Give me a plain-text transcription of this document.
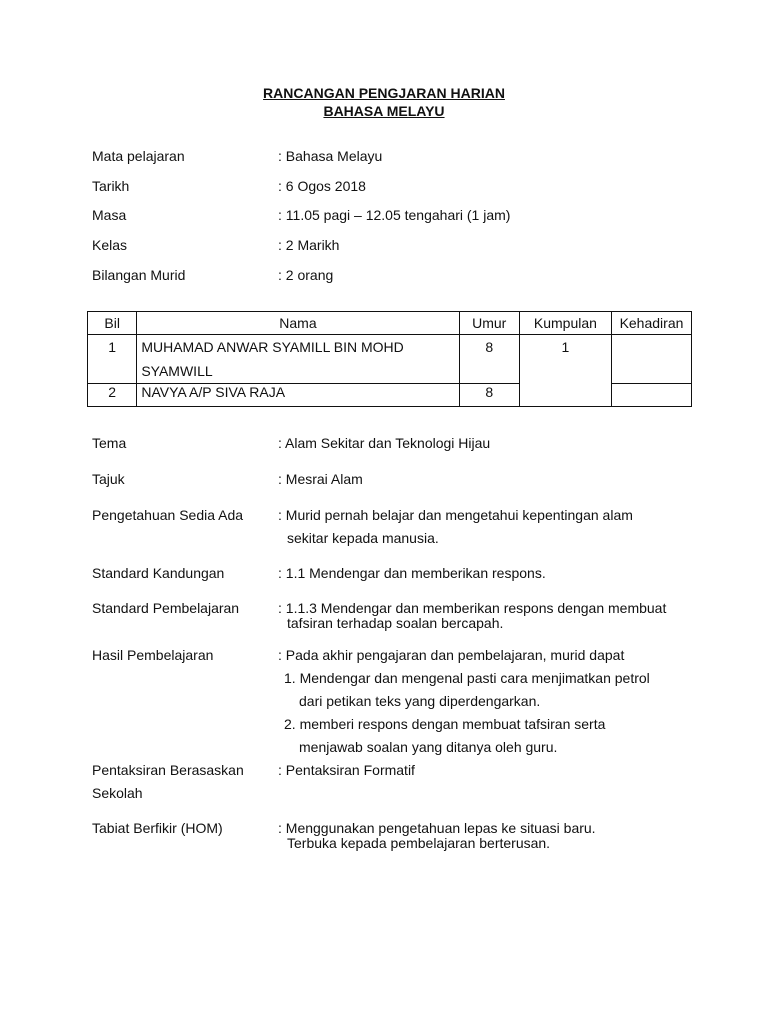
RANCANGAN PENGJARAN HARIAN
BAHASA MELAYU
Mata pelajaran	: Bahasa Melayu
Tarikh	: 6 Ogos 2018
Masa	: 11.05 pagi – 12.05 tengahari (1 jam)
Kelas	: 2 Marikh
Bilangan Murid	: 2 orang
Bil	Nama	Umur	Kumpulan	Kehadiran
1	MUHAMAD ANWAR SYAMILL BIN MOHD
SYAMWILL	8	1	
2	NAVYA A/P SIVA RAJA	8		
Tema	: Alam Sekitar dan Teknologi Hijau
Tajuk	: Mesrai Alam
Pengetahuan Sedia Ada : Murid pernah belajar dan mengetahui kepentingan alam
sekitar kepada manusia.
Standard Kandungan	: 1.1 Mendengar dan memberikan respons.
Standard Pembelajaran	: 1.1.3 Mendengar dan memberikan respons dengan membuat
tafsiran terhadap soalan bercapah.
Hasil Pembelajaran	: Pada akhir pengajaran dan pembelajaran, murid dapat
1. Mendengar dan mengenal pasti cara menjimatkan petrol
dari petikan teks yang diperdengarkan.
2. memberi respons dengan membuat tafsiran serta
menjawab soalan yang ditanya oleh guru.
Pentaksiran Berasaskan
Sekolah
: Pentaksiran Formatif
Tabiat Berfikir (HOM)	: Menggunakan pengetahuan lepas ke situasi baru.
Terbuka kepada pembelajaran berterusan.
